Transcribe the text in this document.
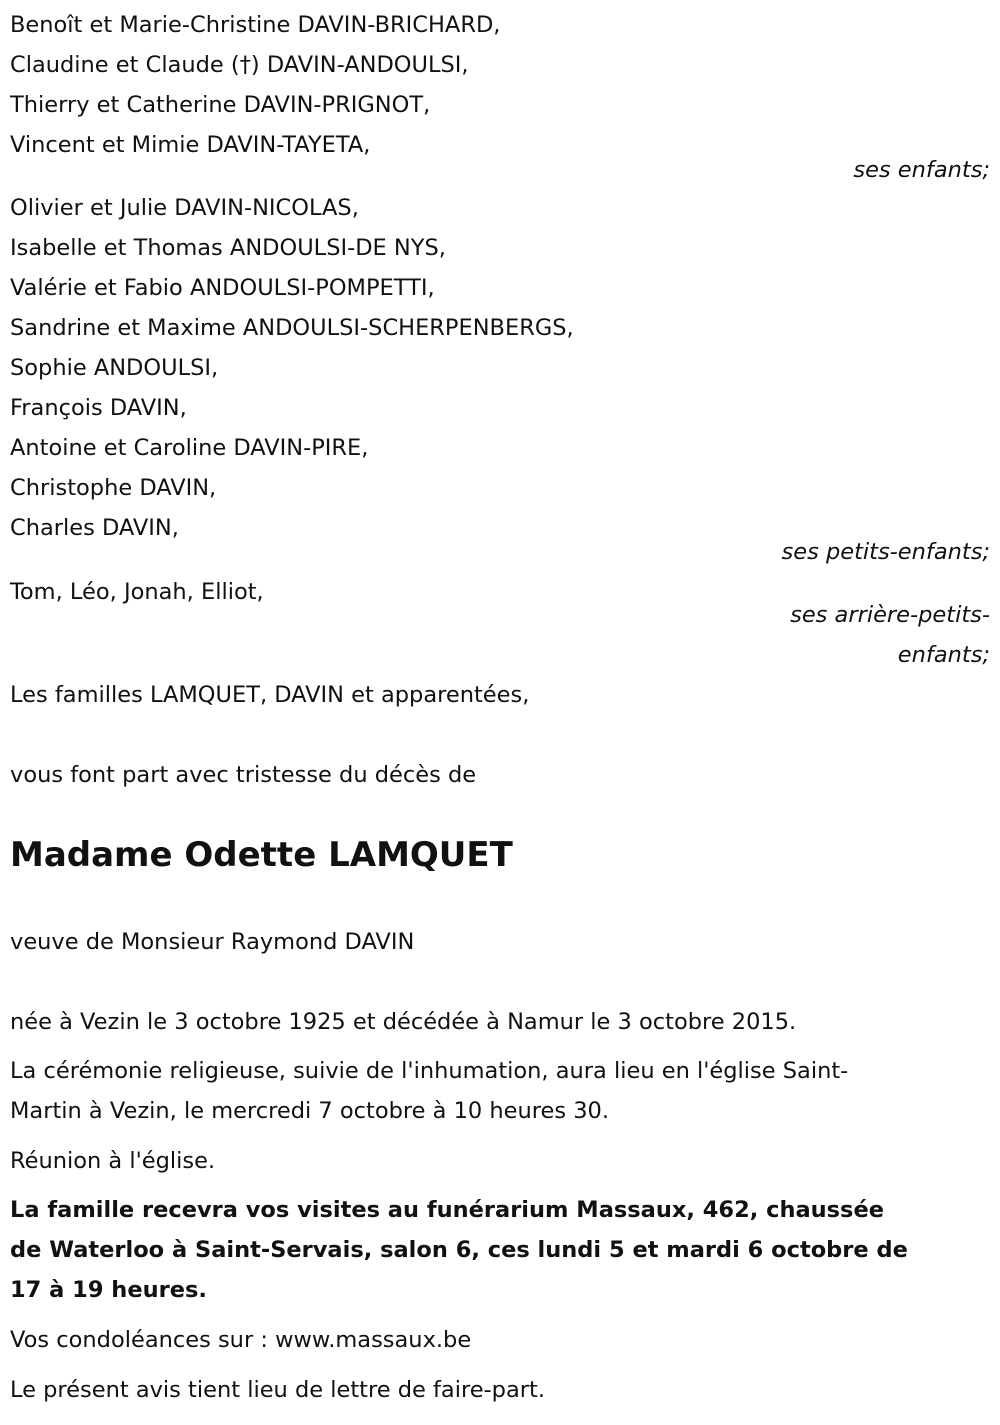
Benoît et Marie-Christine DAVIN-BRICHARD,
Claudine et Claude (†) DAVIN-ANDOULSI,
Thierry et Catherine DAVIN-PRIGNOT,
Vincent et Mimie DAVIN-TAYETA,
ses enfants;
Olivier et Julie DAVIN-NICOLAS,
Isabelle et Thomas ANDOULSI-DE NYS,
Valérie et Fabio ANDOULSI-POMPETTI,
Sandrine et Maxime ANDOULSI-SCHERPENBERGS,
Sophie ANDOULSI,
François DAVIN,
Antoine et Caroline DAVIN-PIRE,
Christophe DAVIN,
Charles DAVIN,
ses petits-enfants;
Tom, Léo, Jonah, Elliot,
ses arrière-petits-
enfants;
Les familles LAMQUET, DAVIN et apparentées,
vous font part avec tristesse du décès de
Madame Odette LAMQUET
veuve de Monsieur Raymond DAVIN
née à Vezin le 3 octobre 1925 et décédée à Namur le 3 octobre 2015.
La cérémonie religieuse, suivie de l'inhumation, aura lieu en l'église Saint-
Martin à Vezin, le mercredi 7 octobre à 10 heures 30.
Réunion à l'église.
La famille recevra vos visites au funérarium Massaux, 462, chaussée
de Waterloo à Saint-Servais, salon 6, ces lundi 5 et mardi 6 octobre de
17 à 19 heures.
Vos condoléances sur : www.massaux.be
Le présent avis tient lieu de lettre de faire-part.
